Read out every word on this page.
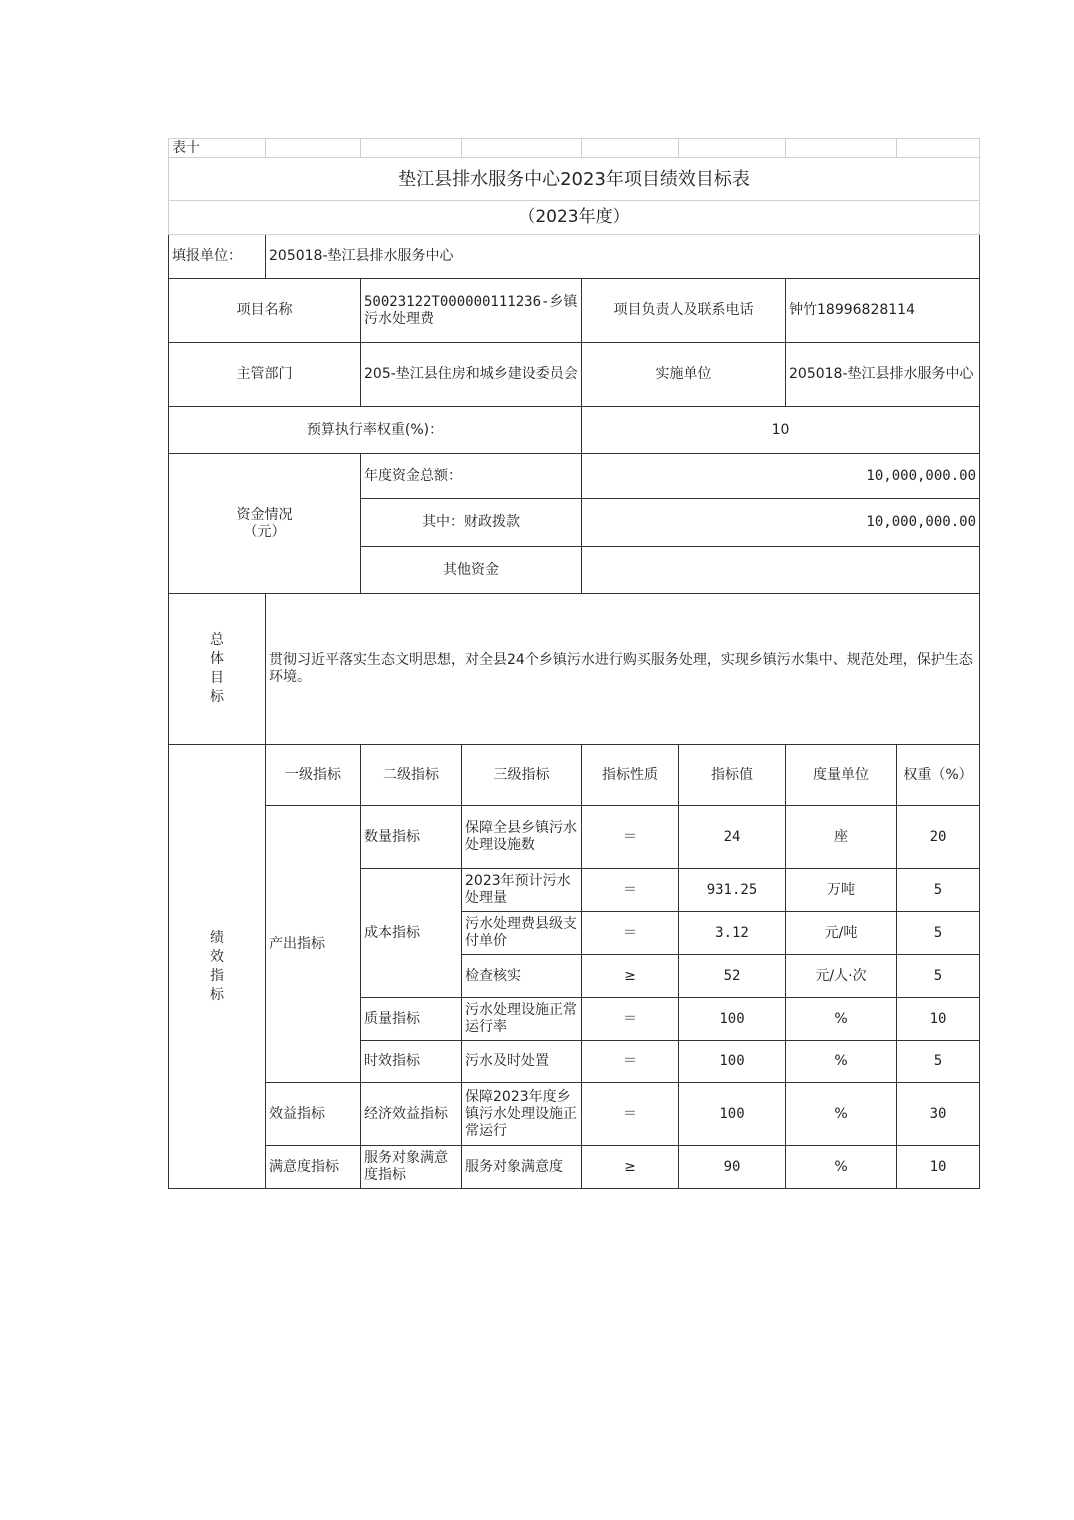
表十							
垫江县排水服务中心2023年项目绩效目标表							
（2023年度）							
填报单位：	205018-垫江县排水服务中心						
项目名称		50023122T000000111236-乡镇污水处理费		项目负责人及联系电话		钟竹18996828114	
主管部门		205-垫江县住房和城乡建设委员会		实施单位		205018-垫江县排水服务中心	
预算执行率权重(%)：				10			
资金情况
（元）		年度资金总额：		10,000,000.00			
		其中：财政拨款		10,000,000.00			
		其他资金					

总
体
目
标	贯彻习近平落实生态文明思想，对全县24个乡镇污水进行购买服务处理，实现乡镇污水集中、规范处理，保护生态环境。						

绩
效
指
标	一级指标	二级指标	三级指标	指标性质	指标值	度量单位	权重（%）
	产出指标	数量指标	保障全县乡镇污水处理设施数	＝	24	座	20
		成本指标	2023年预计污水处理量	＝	931.25	万吨	5
			污水处理费县级支付单价	＝	3.12	元/吨	5
			检查核实	≥	52	元/人·次	5
		质量指标	污水处理设施正常运行率	＝	100	%	10
		时效指标	污水及时处置	＝	100	%	5
	效益指标	经济效益指标	保障2023年度乡镇污水处理设施正常运行	＝	100	%	30
	满意度指标	服务对象满意度指标	服务对象满意度	≥	90	%	10
